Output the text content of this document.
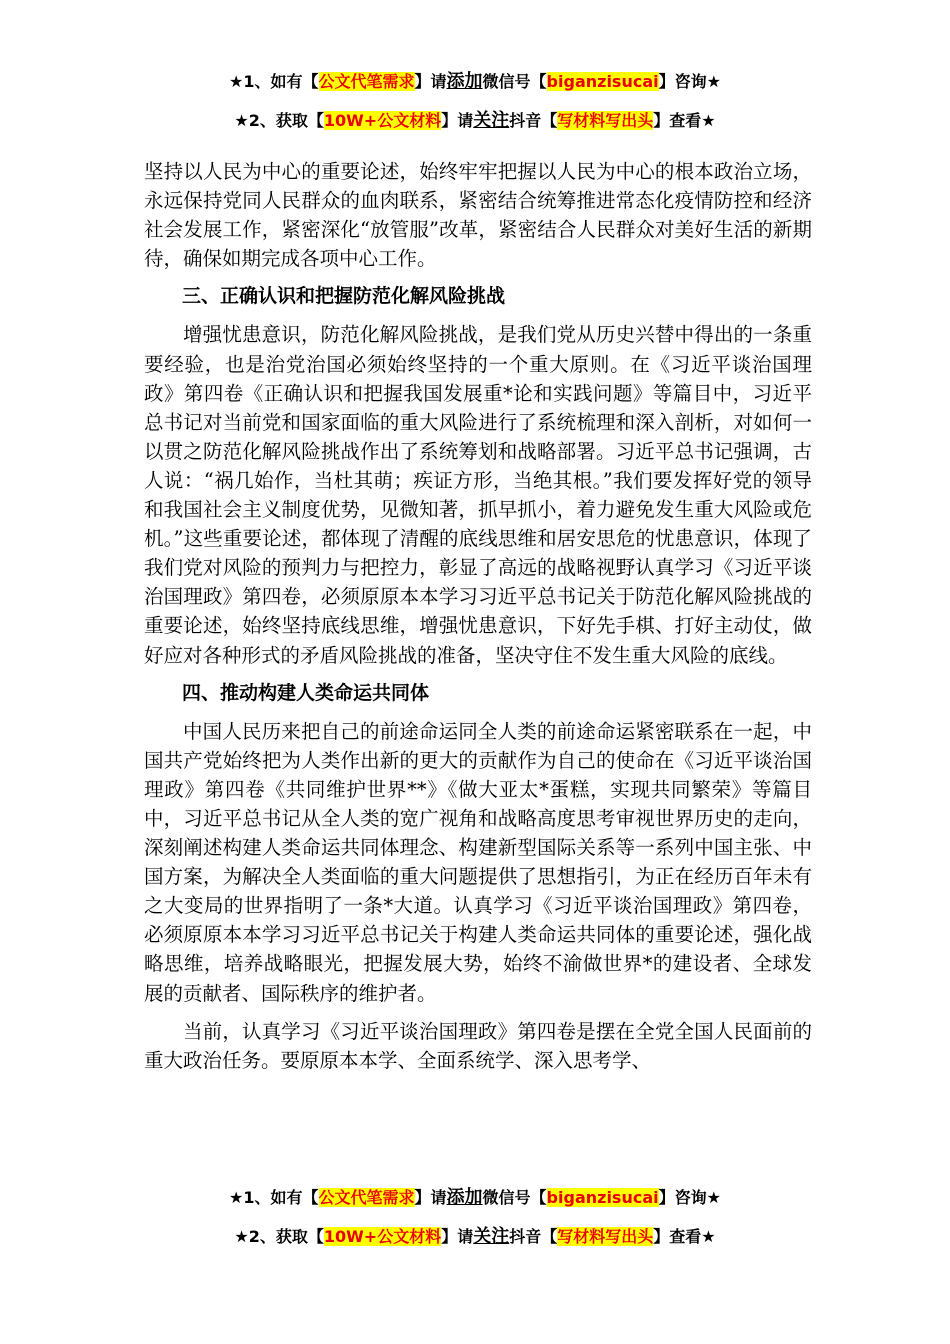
★1、如有【公文代笔需求】请添加微信号【biganzisucai】咨询★
★2、获取【10W+公文材料】请关注抖音【写材料写出头】查看★

坚持以人民为中心的重要论述，始终牢牢把握以人民为中心的根本政治立场，永远保持党同人民群众的血肉联系，紧密结合统筹推进常态化疫情防控和经济社会发展工作，紧密深化“放管服”改革，紧密结合人民群众对美好生活的新期待，确保如期完成各项中心工作。

三、正确认识和把握防范化解风险挑战

增强忧患意识，防范化解风险挑战，是我们党从历史兴替中得出的一条重要经验，也是治党治国必须始终坚持的一个重大原则。在《习近平谈治国理政》第四卷《正确认识和把握我国发展重*论和实践问题》等篇目中，习近平总书记对当前党和国家面临的重大风险进行了系统梳理和深入剖析，对如何一以贯之防范化解风险挑战作出了系统筹划和战略部署。习近平总书记强调，古人说：“祸几始作，当杜其萌；疾证方形，当绝其根。”我们要发挥好党的领导和我国社会主义制度优势，见微知著，抓早抓小，着力避免发生重大风险或危机。”这些重要论述，都体现了清醒的底线思维和居安思危的忧患意识，体现了我们党对风险的预判力与把控力，彰显了高远的战略视野认真学习《习近平谈治国理政》第四卷，必须原原本本学习习近平总书记关于防范化解风险挑战的重要论述，始终坚持底线思维，增强忧患意识，下好先手棋、打好主动仗，做好应对各种形式的矛盾风险挑战的准备，坚决守住不发生重大风险的底线。

四、推动构建人类命运共同体

中国人民历来把自己的前途命运同全人类的前途命运紧密联系在一起，中国共产党始终把为人类作出新的更大的贡献作为自己的使命在《习近平谈治国理政》第四卷《共同维护世界**》《做大亚太*蛋糕，实现共同繁荣》等篇目中，习近平总书记从全人类的宽广视角和战略高度思考审视世界历史的走向，深刻阐述构建人类命运共同体理念、构建新型国际关系等一系列中国主张、中国方案，为解决全人类面临的重大问题提供了思想指引，为正在经历百年未有之大变局的世界指明了一条*大道。认真学习《习近平谈治国理政》第四卷，必须原原本本学习习近平总书记关于构建人类命运共同体的重要论述，强化战略思维，培养战略眼光，把握发展大势，始终不渝做世界*的建设者、全球发展的贡献者、国际秩序的维护者。

当前，认真学习《习近平谈治国理政》第四卷是摆在全党全国人民面前的重大政治任务。要原原本本学、全面系统学、深入思考学、

★1、如有【公文代笔需求】请添加微信号【biganzisucai】咨询★
★2、获取【10W+公文材料】请关注抖音【写材料写出头】查看★
